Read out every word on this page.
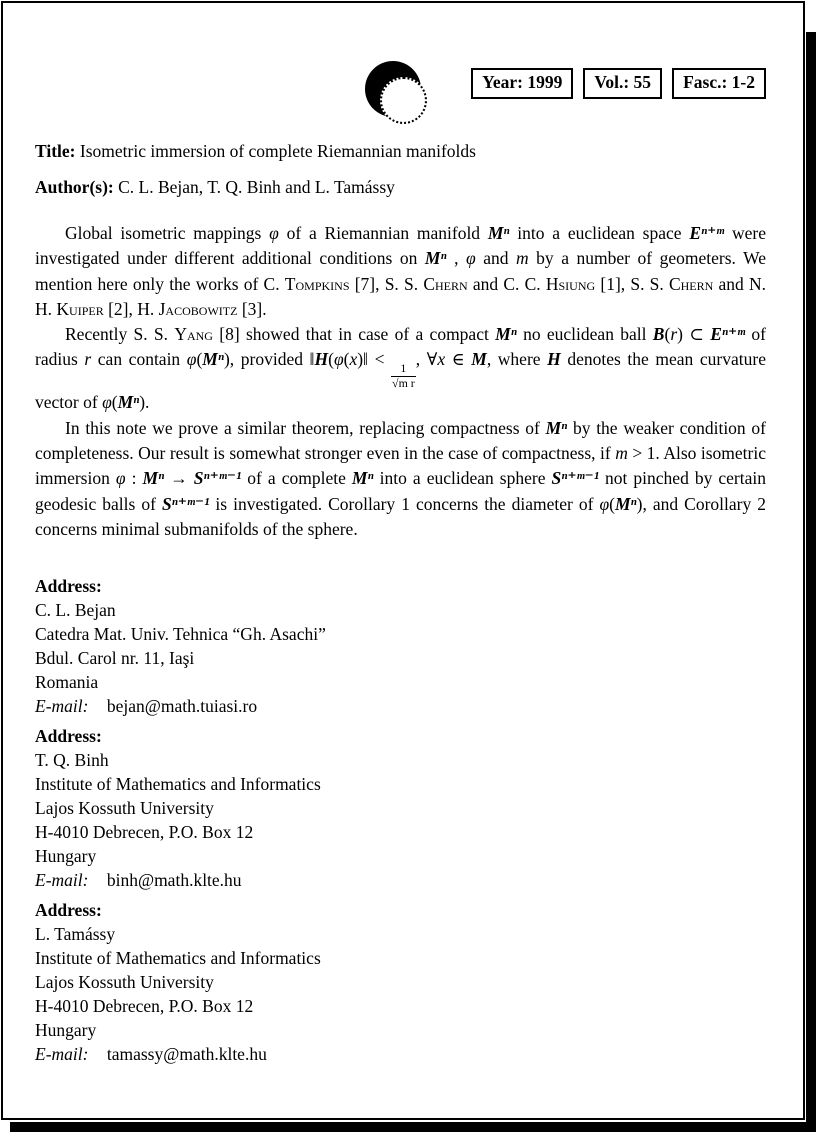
Year: 1999	Vol.: 55	Fasc.: 1-2
Title: Isometric immersion of complete Riemannian manifolds
Author(s): C. L. Bejan, T. Q. Binh and L. Tamássy

Global isometric mappings φ of a Riemannian manifold Mⁿ into a euclidean space Eⁿ⁺ᵐ were investigated under different additional conditions on Mⁿ , φ and m by a number of geometers. We mention here only the works of C. Tompkins [7], S. S. Chern and C. C. Hsiung [1], S. S. Chern and N. H. Kuiper [2], H. Jacobowitz [3].

Recently S. S. Yang [8] showed that in case of a compact Mⁿ no euclidean ball B(r) ⊂ Eⁿ⁺ᵐ of radius r can contain φ(Mⁿ), provided ‖H(φ(x)‖ <
$\frac{1}{\text{√m r}}$
, ∀x ∈ M, where H denotes the mean curvature vector of φ(Mⁿ).

In this note we prove a similar theorem, replacing compactness of Mⁿ by the weaker condition of completeness. Our result is somewhat stronger even in the case of compactness, if m > 1. Also isometric immersion φ : Mⁿ → Sⁿ⁺ᵐ⁻¹ of a complete Mⁿ into a euclidean sphere Sⁿ⁺ᵐ⁻¹ not pinched by certain geodesic balls of Sⁿ⁺ᵐ⁻¹ is investigated. Corollary 1 concerns the diameter of φ(Mⁿ), and Corollary 2 concerns minimal submanifolds of the sphere.

Address:
C. L. Bejan
Catedra Mat. Univ. Tehnica “Gh. Asachi”
Bdul. Carol nr. 11, Iaşi
Romania
E-mail: bejan@math.tuiasi.ro
Address:
T. Q. Binh
Institute of Mathematics and Informatics
Lajos Kossuth University
H-4010 Debrecen, P.O. Box 12
Hungary
E-mail: binh@math.klte.hu
Address:
L. Tamássy
Institute of Mathematics and Informatics
Lajos Kossuth University
H-4010 Debrecen, P.O. Box 12
Hungary
E-mail: tamassy@math.klte.hu
